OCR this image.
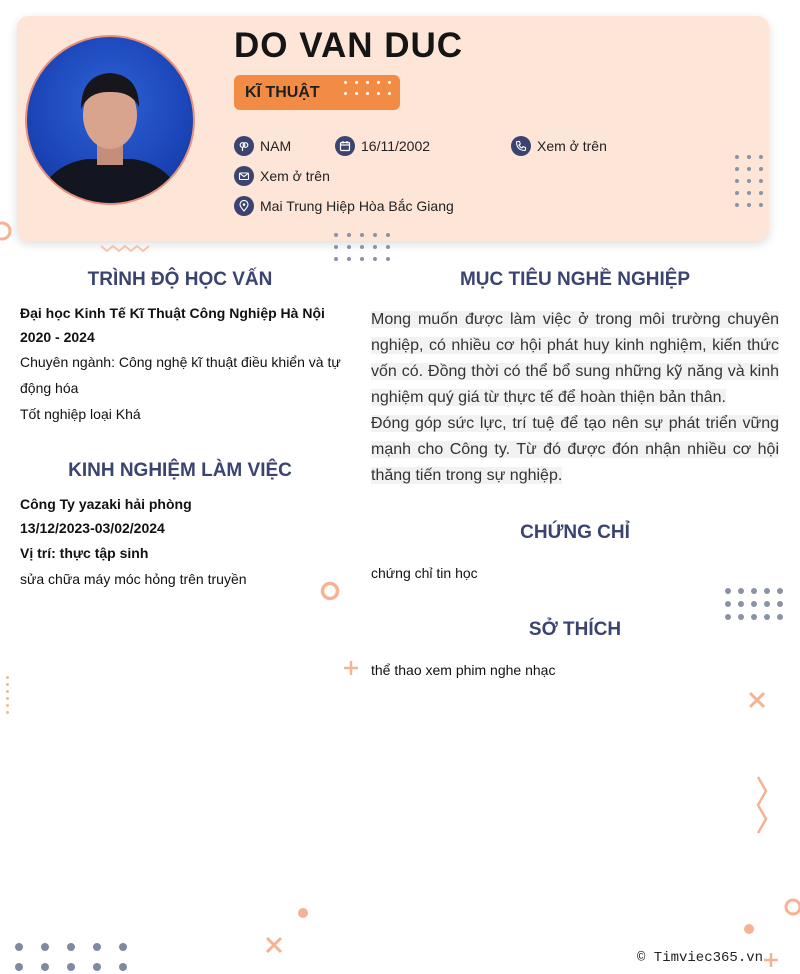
DO VAN DUC
KĨ THUẬT
NAM	16/11/2002	Xem ở trên
Xem ở trên
Mai Trung Hiệp Hòa Bắc Giang
TRÌNH ĐỘ HỌC VẤN
Đại học Kinh Tế Kĩ Thuật Công Nghiệp Hà Nội
2020 - 2024
Chuyên ngành: Công nghệ kĩ thuật điều khiển và tự
động hóa
Tốt nghiệp loại Khá
KINH NGHIỆM LÀM VIỆC
Công Ty yazaki hải phòng
13/12/2023-03/02/2024
Vị trí: thực tập sinh
sửa chữa máy móc hỏng trên truyền
MỤC TIÊU NGHỀ NGHIỆP

Mong muốn được làm việc ở trong môi trường chuyên nghiệp, có nhiều cơ hội phát huy kinh nghiệm, kiến thức vốn có. Đồng thời có thể bổ sung những kỹ năng và kinh nghiệm quý giá từ thực tế để hoàn thiện bản thân.
Đóng góp sức lực, trí tuệ để tạo nên sự phát triển vững mạnh cho Công ty. Từ đó được đón nhận nhiều cơ hội thăng tiến trong sự nghiệp.

CHỨNG CHỈ
chứng chỉ tin học
SỞ THÍCH
thể thao xem phim nghe nhạc
© Timviec365.vn
